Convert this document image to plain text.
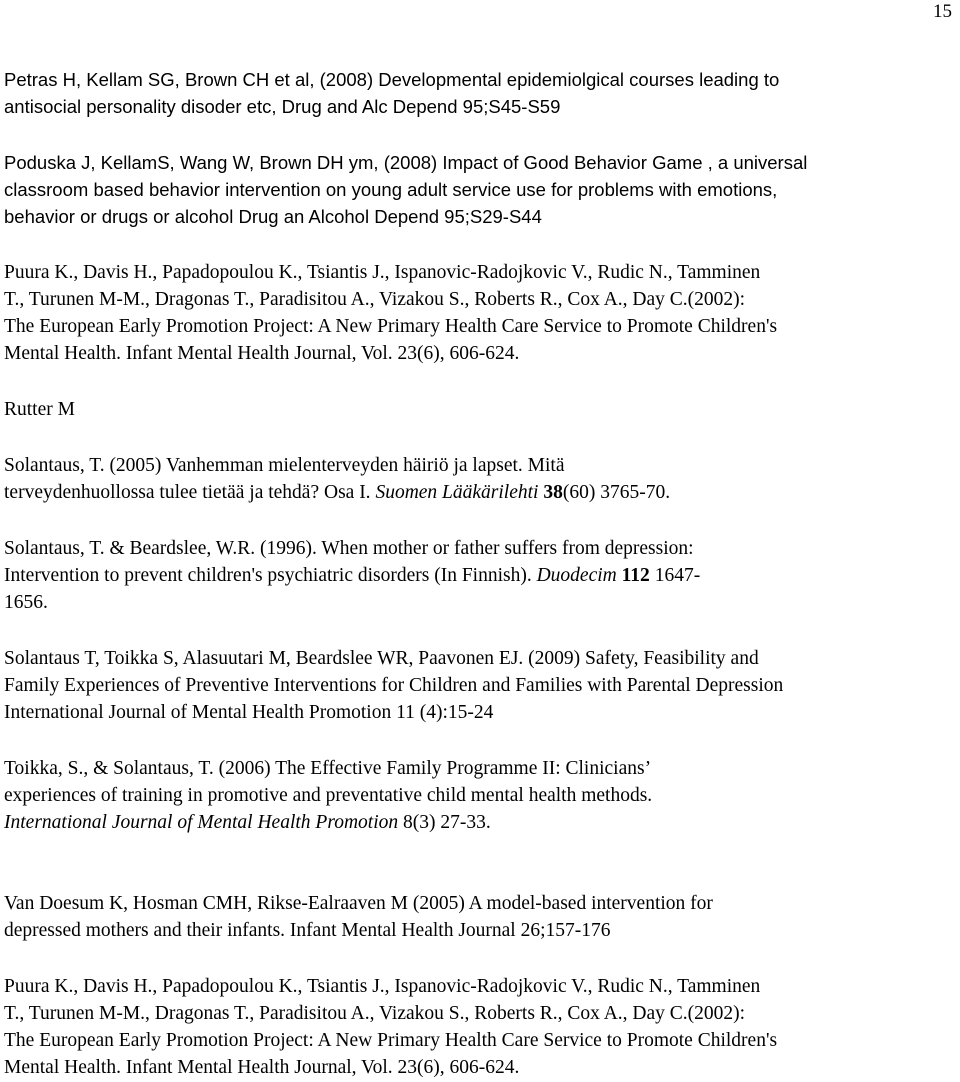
15
Petras H, Kellam SG, Brown CH et al, (2008) Developmental epidemiolgical courses leading to
antisocial personality disoder etc, Drug and Alc Depend 95;S45-S59
Poduska J, KellamS, Wang W, Brown DH ym, (2008) Impact of Good Behavior Game , a universal
classroom based behavior intervention on young adult service use for problems with emotions,
behavior or drugs or alcohol Drug an Alcohol Depend 95;S29-S44
Puura K., Davis H., Papadopoulou K., Tsiantis J., Ispanovic-Radojkovic V., Rudic N., Tamminen
T., Turunen M-M., Dragonas T., Paradisitou A., Vizakou S., Roberts R., Cox A., Day C.(2002):
The European Early Promotion Project: A New Primary Health Care Service to Promote Children's
Mental Health. Infant Mental Health Journal, Vol. 23(6), 606-624.
Rutter M
Solantaus, T. (2005) Vanhemman mielenterveyden häiriö ja lapset. Mitä
terveydenhuollossa tulee tietää ja tehdä? Osa I. Suomen Lääkärilehti 38(60) 3765-70.
Solantaus, T. & Beardslee, W.R. (1996). When mother or father suffers from depression:
Intervention to prevent children's psychiatric disorders (In Finnish). Duodecim 112 1647-
1656.
Solantaus T, Toikka S, Alasuutari M, Beardslee WR, Paavonen EJ. (2009) Safety, Feasibility and
Family Experiences of Preventive Interventions for Children and Families with Parental Depression
International Journal of Mental Health Promotion 11 (4):15-24
Toikka, S., & Solantaus, T. (2006) The Effective Family Programme II: Clinicians’
experiences of training in promotive and preventative child mental health methods.
International Journal of Mental Health Promotion 8(3) 27-33.
Van Doesum K, Hosman CMH, Rikse-Ealraaven M (2005) A model-based intervention for
depressed mothers and their infants. Infant Mental Health Journal 26;157-176
Puura K., Davis H., Papadopoulou K., Tsiantis J., Ispanovic-Radojkovic V., Rudic N., Tamminen
T., Turunen M-M., Dragonas T., Paradisitou A., Vizakou S., Roberts R., Cox A., Day C.(2002):
The European Early Promotion Project: A New Primary Health Care Service to Promote Children's
Mental Health. Infant Mental Health Journal, Vol. 23(6), 606-624.
